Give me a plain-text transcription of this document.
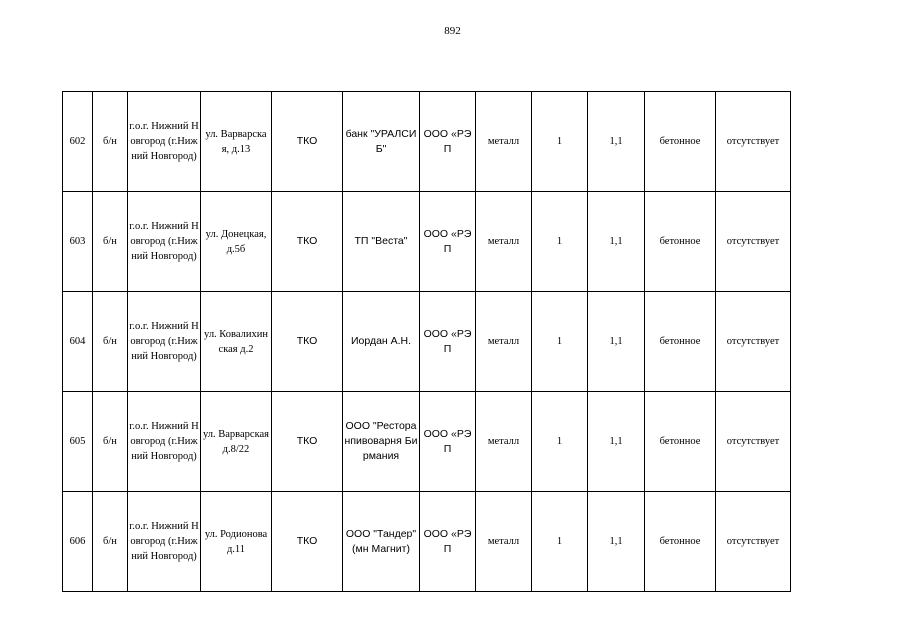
892
602	б/н	г.о.г. Нижний Новгород (г.Нижний Новгород)	ул. Варварская, д.13	ТКО	банк "УРАЛСИБ"	ООО «РЭП	металл	1	1,1	бетонное	отсутствует
603	б/н	г.о.г. Нижний Новгород (г.Нижний Новгород)	ул. Донецкая, д.5б	ТКО	ТП "Веста"	ООО «РЭП	металл	1	1,1	бетонное	отсутствует
604	б/н	г.о.г. Нижний Новгород (г.Нижний Новгород)	ул. Ковалихинская д.2	ТКО	Иордан А.Н.	ООО «РЭП	металл	1	1,1	бетонное	отсутствует
605	б/н	г.о.г. Нижний Новгород (г.Нижний Новгород)	ул. Варварская д.8/22	ТКО	ООО "Ресторанпивоварня Бирмания	ООО «РЭП	металл	1	1,1	бетонное	отсутствует
606	б/н	г.о.г. Нижний Новгород (г.Нижний Новгород)	ул. Родионова д.11	ТКО	ООО "Тандер" (мн Магнит)	ООО «РЭП	металл	1	1,1	бетонное	отсутствует
